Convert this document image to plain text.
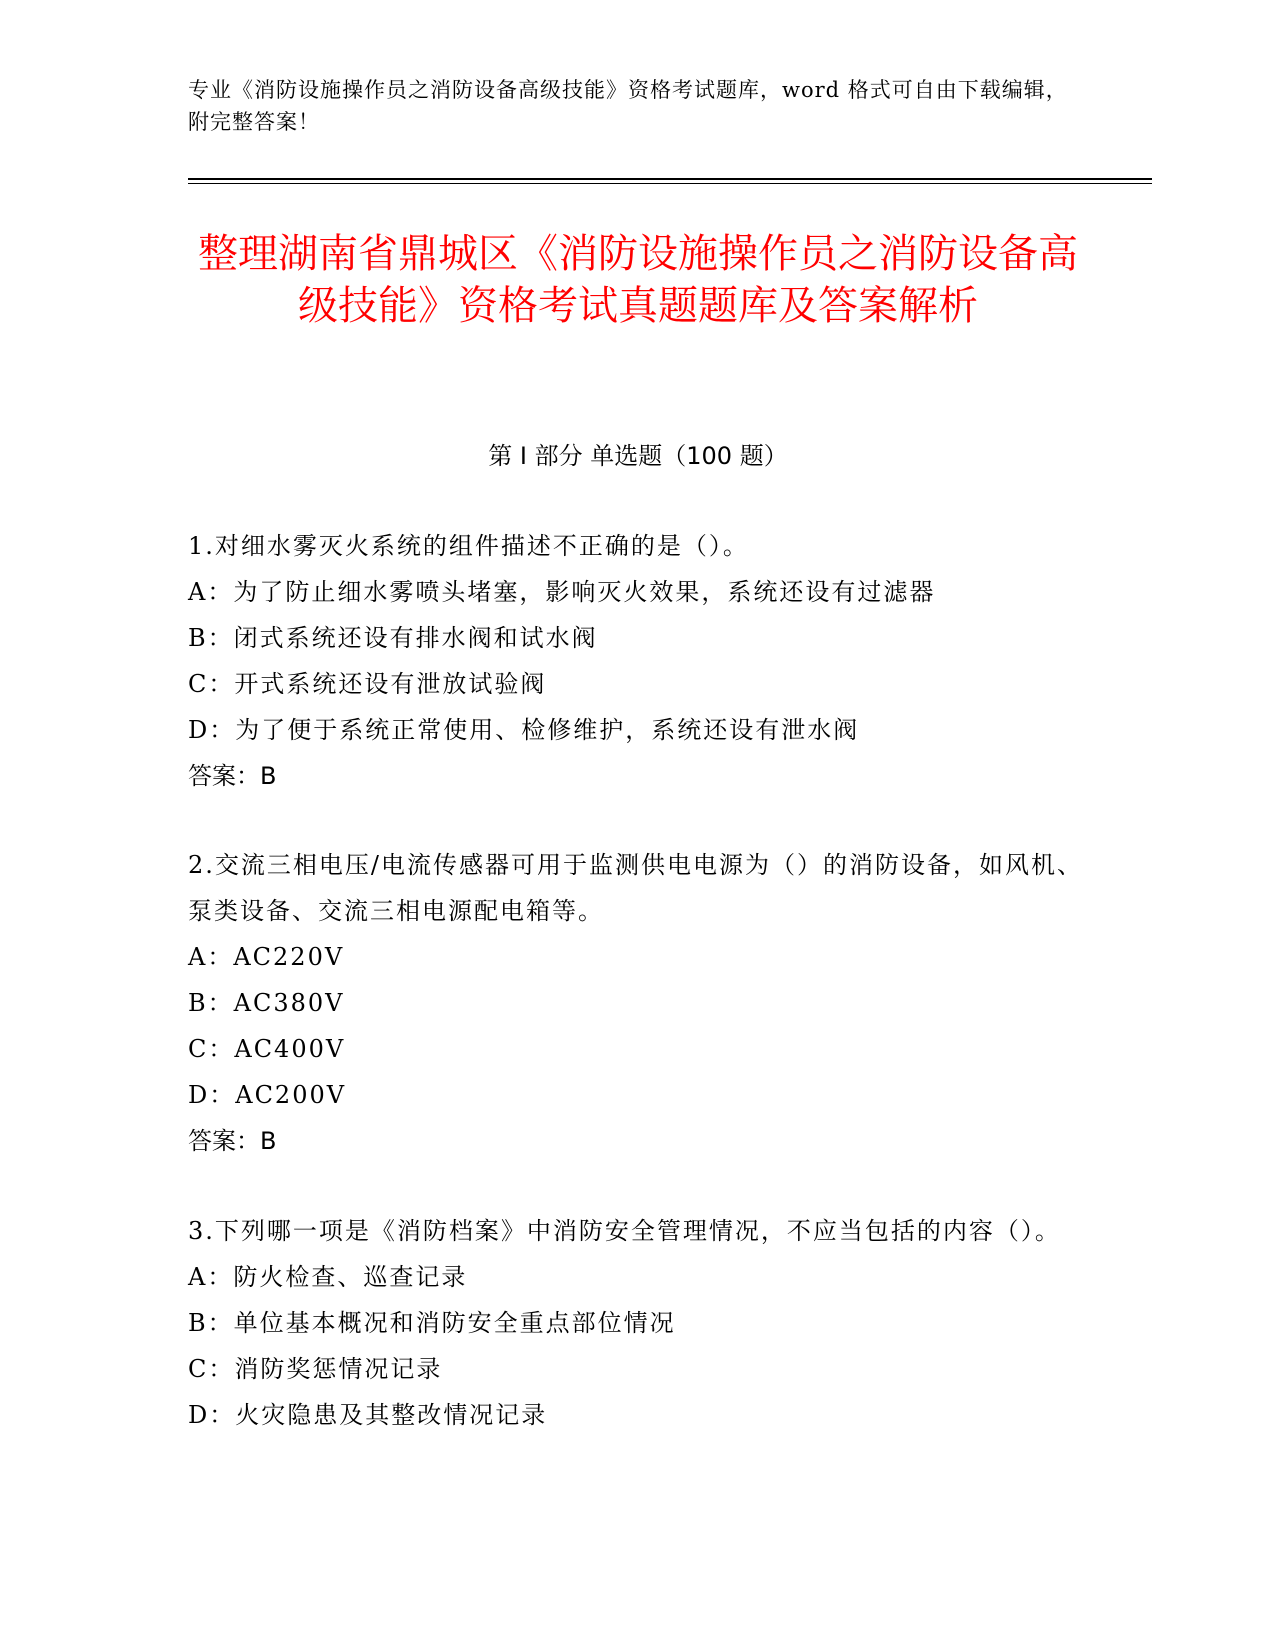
专业《消防设施操作员之消防设备高级技能》资格考试题库，word 格式可自由下载编辑，附完整答案！
整理湖南省鼎城区《消防设施操作员之消防设备高级技能》资格考试真题题库及答案解析
第 I 部分 单选题（100 题）
1.对细水雾灭火系统的组件描述不正确的是（）。
A：为了防止细水雾喷头堵塞，影响灭火效果，系统还设有过滤器
B：闭式系统还设有排水阀和试水阀
C：开式系统还设有泄放试验阀
D：为了便于系统正常使用、检修维护，系统还设有泄水阀
答案：B
2.交流三相电压/电流传感器可用于监测供电电源为（）的消防设备，如风机、泵类设备、交流三相电源配电箱等。
A：AC220V
B：AC380V
C：AC400V
D：AC200V
答案：B
3.下列哪一项是《消防档案》中消防安全管理情况，不应当包括的内容（）。
A：防火检查、巡查记录
B：单位基本概况和消防安全重点部位情况
C：消防奖惩情况记录
D：火灾隐患及其整改情况记录
